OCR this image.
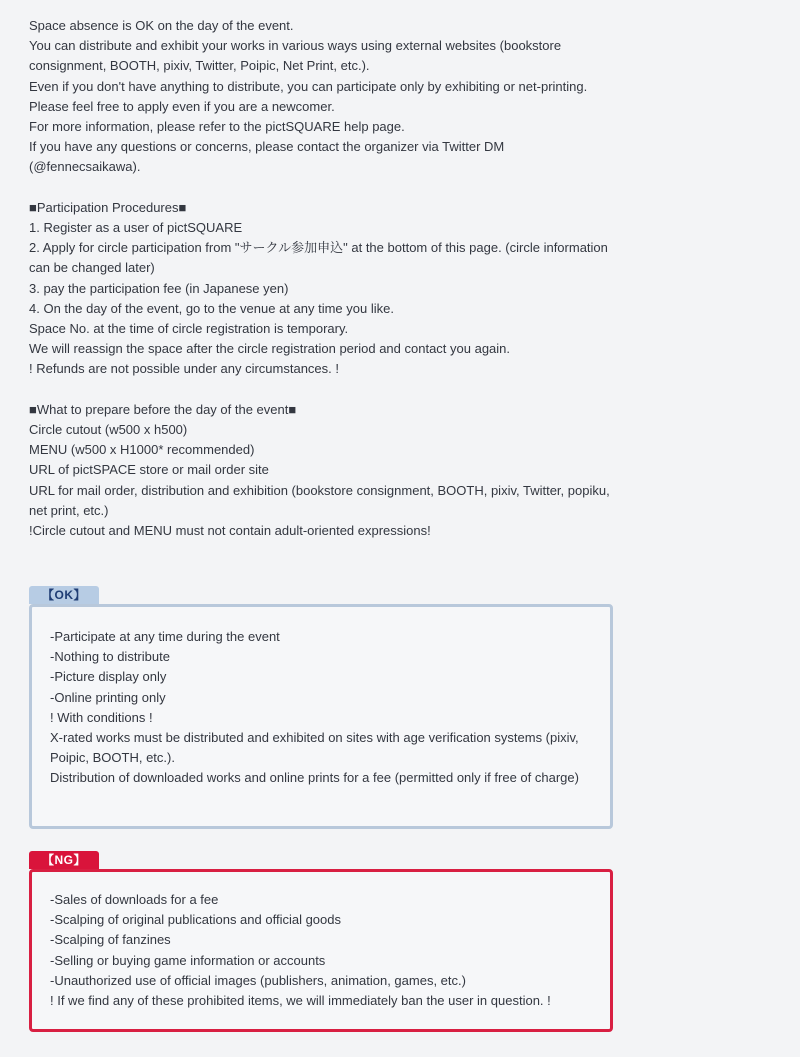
Space absence is OK on the day of the event.
You can distribute and exhibit your works in various ways using external websites (bookstore consignment, BOOTH, pixiv, Twitter, Poipic, Net Print, etc.).
Even if you don't have anything to distribute, you can participate only by exhibiting or net-printing.
Please feel free to apply even if you are a newcomer.
For more information, please refer to the pictSQUARE help page.
If you have any questions or concerns, please contact the organizer via Twitter DM (@fennecsaikawa).
■Participation Procedures■
1. Register as a user of pictSQUARE
2. Apply for circle participation from "サークル参加申込" at the bottom of this page. (circle information can be changed later)
3. pay the participation fee (in Japanese yen)
4. On the day of the event, go to the venue at any time you like.
Space No. at the time of circle registration is temporary.
We will reassign the space after the circle registration period and contact you again.
! Refunds are not possible under any circumstances. !
■What to prepare before the day of the event■
Circle cutout (w500 x h500)
MENU (w500 x H1000* recommended)
URL of pictSPACE store or mail order site
URL for mail order, distribution and exhibition (bookstore consignment, BOOTH, pixiv, Twitter, popiku, net print, etc.)
!Circle cutout and MENU must not contain adult-oriented expressions!
【OK】
-Participate at any time during the event
-Nothing to distribute
-Picture display only
-Online printing only
! With conditions !
X-rated works must be distributed and exhibited on sites with age verification systems (pixiv, Poipic, BOOTH, etc.).
Distribution of downloaded works and online prints for a fee (permitted only if free of charge)
【NG】
-Sales of downloads for a fee
-Scalping of original publications and official goods
-Scalping of fanzines
-Selling or buying game information or accounts
-Unauthorized use of official images (publishers, animation, games, etc.)
! If we find any of these prohibited items, we will immediately ban the user in question. !
